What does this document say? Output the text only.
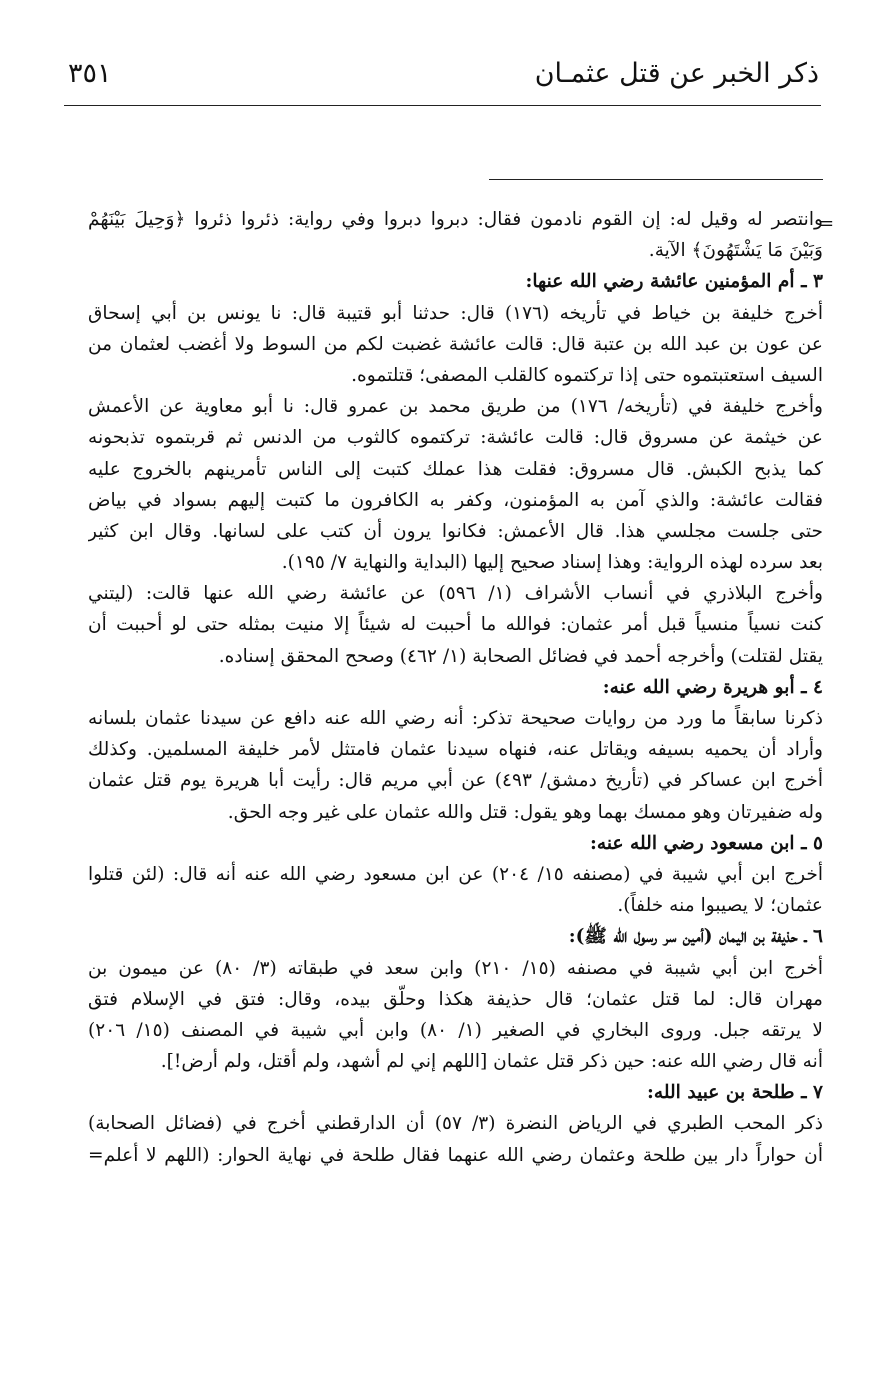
ذكر الخبر عن قتل عثمـان
٣٥١
=
وانتصر له وقيل له: إن القوم نادمون فقال: دبروا دبروا وفي رواية: ذئروا ذئروا ﴿وَحِيلَ بَيْنَهُمْ
وَبَيْنَ مَا يَشْتَهُونَ﴾ الآية.
٣ ـ أم المؤمنين عائشة رضي الله عنها:
أخرج خليفة بن خياط في تأريخه (١٧٦) قال: حدثنا أبو قتيبة قال: نا يونس بن أبي إسحاق
عن عون بن عبد الله بن عتبة قال: قالت عائشة غضبت لكم من السوط ولا أغضب لعثمان من
السيف استعتبتموه حتى إذا تركتموه كالقلب المصفى؛ قتلتموه.
وأخرج خليفة في (تأريخه/ ١٧٦) من طريق محمد بن عمرو قال: نا أبو معاوية عن الأعمش
عن خيثمة عن مسروق قال: قالت عائشة: تركتموه كالثوب من الدنس ثم قربتموه تذبحونه
كما يذبح الكبش. قال مسروق: فقلت هذا عملك كتبت إلى الناس تأمرينهم بالخروج عليه
فقالت عائشة: والذي آمن به المؤمنون، وكفر به الكافرون ما كتبت إليهم بسواد في بياض
حتى جلست مجلسي هذا. قال الأعمش: فكانوا يرون أن كتب على لسانها. وقال ابن كثير
بعد سرده لهذه الرواية: وهذا إسناد صحيح إليها (البداية والنهاية ٧/ ١٩٥).
وأخرج البلاذري في أنساب الأشراف (١/ ٥٩٦) عن عائشة رضي الله عنها قالت: (ليتني
كنت نسياً منسياً قبل أمر عثمان: فوالله ما أحببت له شيئاً إلا منيت بمثله حتى لو أحببت أن
يقتل لقتلت) وأخرجه أحمد في فضائل الصحابة (١/ ٤٦٢) وصحح المحقق إسناده.
٤ ـ أبو هريرة رضي الله عنه:
ذكرنا سابقاً ما ورد من روايات صحيحة تذكر: أنه رضي الله عنه دافع عن سيدنا عثمان بلسانه
وأراد أن يحميه بسيفه ويقاتل عنه، فنهاه سيدنا عثمان فامتثل لأمر خليفة المسلمين. وكذلك
أخرج ابن عساكر في (تأريخ دمشق/ ٤٩٣) عن أبي مريم قال: رأيت أبا هريرة يوم قتل عثمان
وله ضفيرتان وهو ممسك بهما وهو يقول: قتل والله عثمان على غير وجه الحق.
٥ ـ ابن مسعود رضي الله عنه:
أخرج ابن أبي شيبة في (مصنفه ١٥/ ٢٠٤) عن ابن مسعود رضي الله عنه أنه قال: (لئن قتلوا
عثمان؛ لا يصيبوا منه خلفاً).
٦ ـ حذيفة بن اليمان (أمين سر رسول الله ﷺ):
أخرج ابن أبي شيبة في مصنفه (١٥/ ٢١٠) وابن سعد في طبقاته (٣/ ٨٠) عن ميمون بن
مهران قال: لما قتل عثمان؛ قال حذيفة هكذا وحلّق بيده، وقال: فتق في الإسلام فتق
لا يرتقه جبل. وروى البخاري في الصغير (١/ ٨٠) وابن أبي شيبة في المصنف (١٥/ ٢٠٦)
أنه قال رضي الله عنه: حين ذكر قتل عثمان [اللهم إني لم أشهد، ولم أقتل، ولم أرض!].
٧ ـ طلحة بن عبيد الله:
ذكر المحب الطبري في الرياض النضرة (٣/ ٥٧) أن الدارقطني أخرج في (فضائل الصحابة)
أن حواراً دار بين طلحة وعثمان رضي الله عنهما فقال طلحة في نهاية الحوار: (اللهم لا أعلم=
